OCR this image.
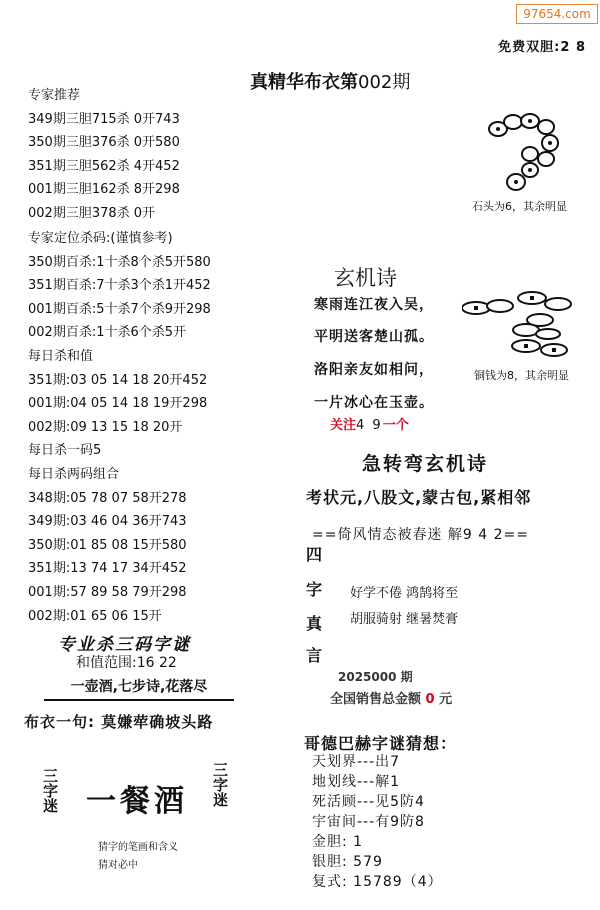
97654.com
免费双胆:2 8
真精华布衣第002期
专家推荐
349期三胆715杀 0开743
350期三胆376杀 0开580
351期三胆562杀 4开452
001期三胆162杀 8开298
002期三胆378杀 0开
专家定位杀码:(谨慎参考)
350期百杀:1十杀8个杀5开580
351期百杀:7十杀3个杀1开452
001期百杀:5十杀7个杀9开298
002期百杀:1十杀6个杀5开
每日杀和值
351期:03 05 14 18 20开452
001期:04 05 14 18 19开298
002期:09 13 15 18 20开
每日杀一码5
每日杀两码组合
348期:05 78 07 58开278
349期:03 46 04 36开743
350期:01 85 08 15开580
351期:13 74 17 34开452
001期:57 89 58 79开298
002期:01 65 06 15开
专业杀三码字谜
和值范围:16 22
一壶酒,七步诗,花落尽
布衣一句: 莫嫌荦确坡头路
三字迷 一餐酒 三字迷
猜字的笔画和含义
猜对必中
石头为6，其余明显
铜钱为8，其余明显
玄机诗
寒雨连江夜入吴，
平明送客楚山孤。
洛阳亲友如相问，
一片冰心在玉壶。
关注4 9一个
急转弯玄机诗
考状元,八股文,蒙古包,紧相邻
==倚风情态被春迷 解9 4 2==
四
字
真
言
好学不倦 鸿鹄将至
胡服骑射 继暑焚膏
2025000 期
全国销售总金额 0 元
哥德巴赫字谜猜想：
天划界---出7
地划线---解1
死活顾---见5防4
宇宙间---有9防8
金胆: 1
银胆: 579
复式: 15789（4）
